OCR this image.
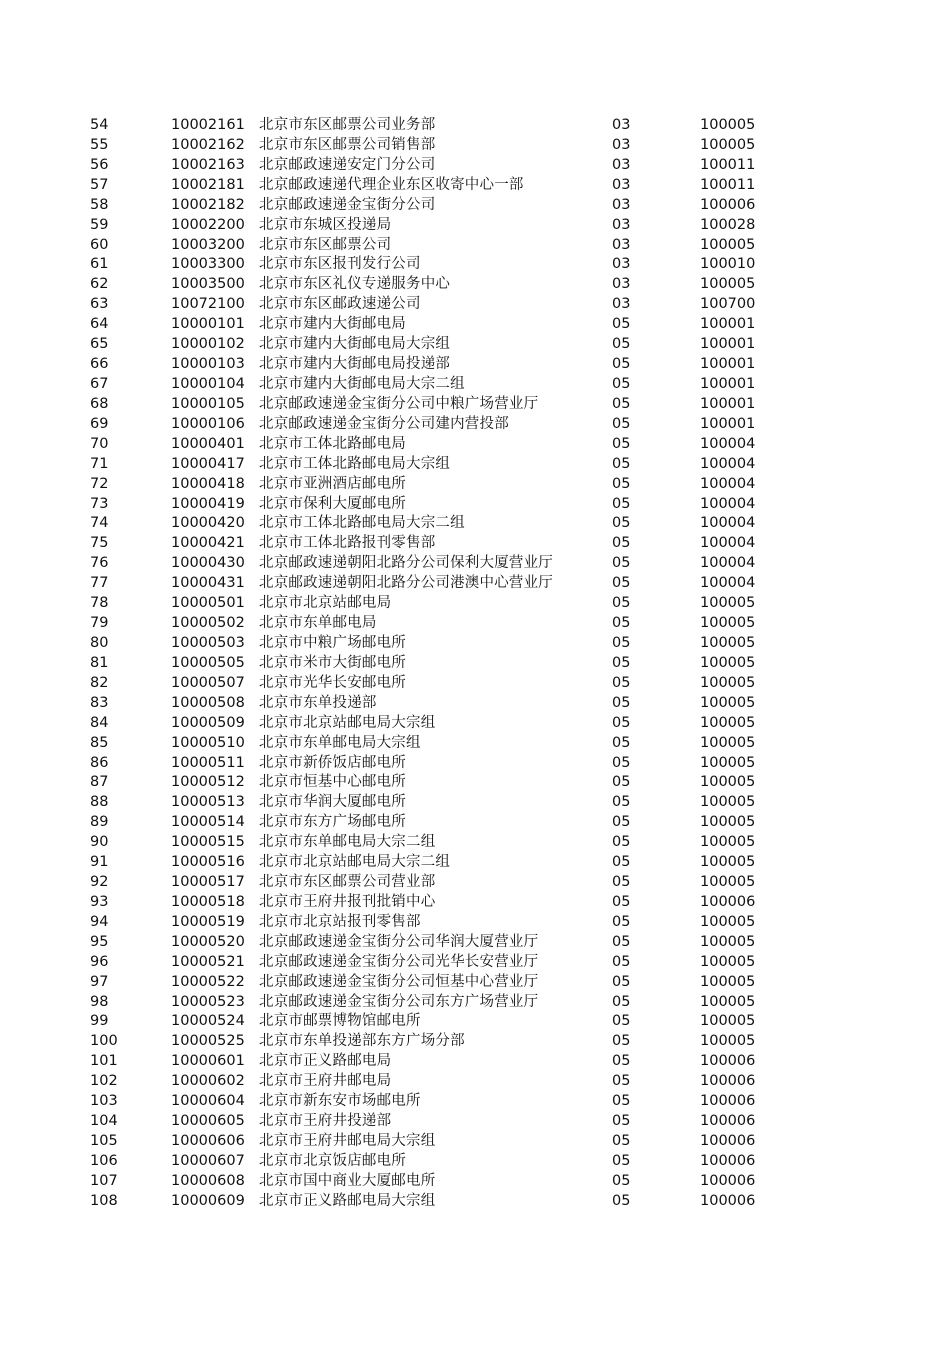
54	10002161 北京市东区邮票公司业务部	03	100005
55	10002162 北京市东区邮票公司销售部	03	100005
56	10002163 北京邮政速递安定门分公司	03	100011
57	10002181 北京邮政速递代理企业东区收寄中心一部	03	100011
58	10002182 北京邮政速递金宝街分公司	03	100006
59	10002200 北京市东城区投递局	03	100028
60	10003200 北京市东区邮票公司	03	100005
61	10003300 北京市东区报刊发行公司	03	100010
62	10003500 北京市东区礼仪专递服务中心	03	100005
63	10072100 北京市东区邮政速递公司	03	100700
64	10000101 北京市建内大街邮电局	05	100001
65	10000102 北京市建内大街邮电局大宗组	05	100001
66	10000103 北京市建内大街邮电局投递部	05	100001
67	10000104 北京市建内大街邮电局大宗二组	05	100001
68	10000105 北京邮政速递金宝街分公司中粮广场营业厅	05	100001
69	10000106 北京邮政速递金宝街分公司建内营投部	05	100001
70	10000401 北京市工体北路邮电局	05	100004
71	10000417 北京市工体北路邮电局大宗组	05	100004
72	10000418 北京市亚洲酒店邮电所	05	100004
73	10000419 北京市保利大厦邮电所	05	100004
74	10000420 北京市工体北路邮电局大宗二组	05	100004
75	10000421 北京市工体北路报刊零售部	05	100004
76	10000430 北京邮政速递朝阳北路分公司保利大厦营业厅	05	100004
77	10000431 北京邮政速递朝阳北路分公司港澳中心营业厅	05	100004
78	10000501 北京市北京站邮电局	05	100005
79	10000502 北京市东单邮电局	05	100005
80	10000503 北京市中粮广场邮电所	05	100005
81	10000505 北京市米市大街邮电所	05	100005
82	10000507 北京市光华长安邮电所	05	100005
83	10000508 北京市东单投递部	05	100005
84	10000509 北京市北京站邮电局大宗组	05	100005
85	10000510 北京市东单邮电局大宗组	05	100005
86	10000511 北京市新侨饭店邮电所	05	100005
87	10000512 北京市恒基中心邮电所	05	100005
88	10000513 北京市华润大厦邮电所	05	100005
89	10000514 北京市东方广场邮电所	05	100005
90	10000515 北京市东单邮电局大宗二组	05	100005
91	10000516 北京市北京站邮电局大宗二组	05	100005
92	10000517 北京市东区邮票公司营业部	05	100005
93	10000518 北京市王府井报刊批销中心	05	100006
94	10000519 北京市北京站报刊零售部	05	100005
95	10000520 北京邮政速递金宝街分公司华润大厦营业厅	05	100005
96	10000521 北京邮政速递金宝街分公司光华长安营业厅	05	100005
97	10000522 北京邮政速递金宝街分公司恒基中心营业厅	05	100005
98	10000523 北京邮政速递金宝街分公司东方广场营业厅	05	100005
99	10000524 北京市邮票博物馆邮电所	05	100005
100	10000525 北京市东单投递部东方广场分部	05	100005
101	10000601 北京市正义路邮电局	05	100006
102	10000602 北京市王府井邮电局	05	100006
103	10000604 北京市新东安市场邮电所	05	100006
104	10000605 北京市王府井投递部	05	100006
105	10000606 北京市王府井邮电局大宗组	05	100006
106	10000607 北京市北京饭店邮电所	05	100006
107	10000608 北京市国中商业大厦邮电所	05	100006
108	10000609 北京市正义路邮电局大宗组	05	100006
